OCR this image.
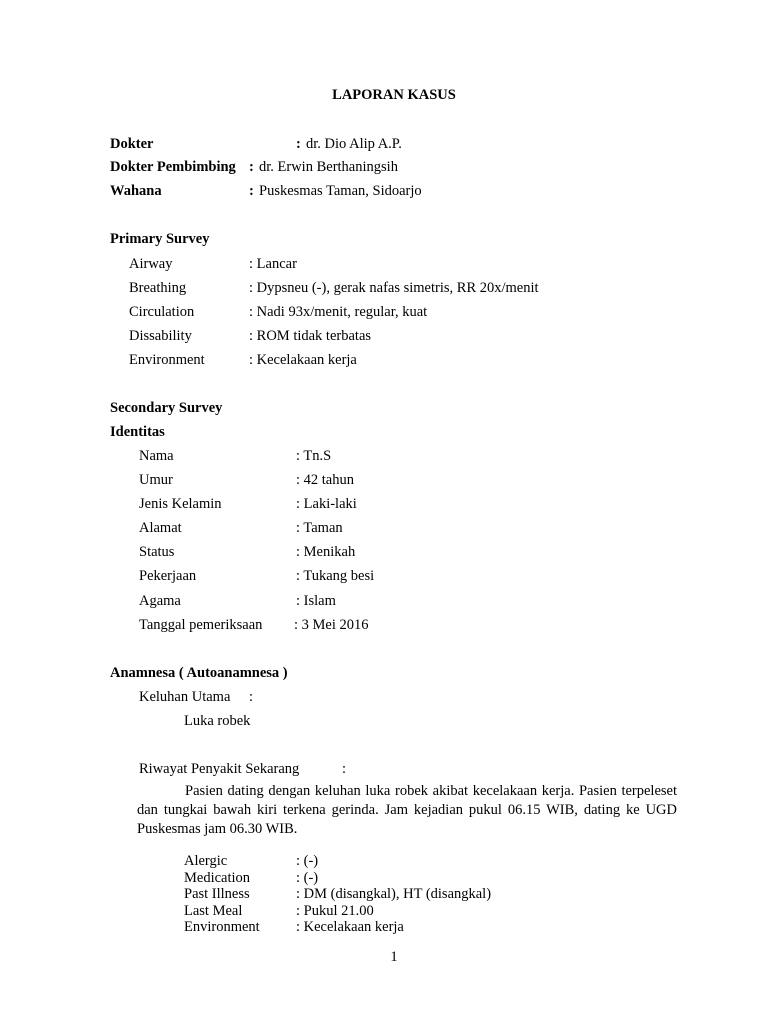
LAPORAN KASUS
Dokter	: dr. Dio Alip A.P.
Dokter Pembimbing : dr. Erwin Berthaningsih
Wahana	: Puskesmas Taman, Sidoarjo
Primary Survey
Airway	: Lancar
Breathing	: Dypsneu (-), gerak nafas simetris, RR 20x/menit
Circulation	: Nadi 93x/menit, regular, kuat
Dissability	: ROM tidak terbatas
Environment	: Kecelakaan kerja
Secondary Survey
Identitas
Nama	: Tn.S
Umur	: 42 tahun
Jenis Kelamin	: Laki-laki
Alamat	: Taman
Status	: Menikah
Pekerjaan	: Tukang besi
Agama	: Islam
Tanggal pemeriksaan : 3 Mei 2016
Anamnesa ( Autoanamnesa )
Keluhan Utama :
Luka robek
Riwayat Penyakit Sekarang	:

Pasien dating dengan keluhan luka robek akibat kecelakaan kerja. Pasien terpeleset dan tungkai bawah kiri terkena gerinda. Jam kejadian pukul 06.15 WIB, dating ke UGD Puskesmas jam 06.30 WIB.

Alergic	: (-)
Medication	: (-)
Past Illness	: DM (disangkal), HT (disangkal)
Last Meal	: Pukul 21.00
Environment	: Kecelakaan kerja
1
